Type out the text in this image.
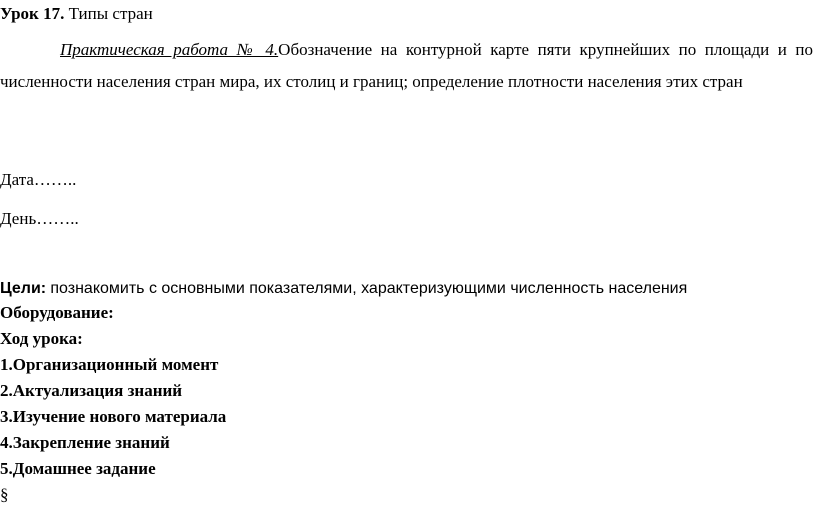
Урок 17. Типы стран
Практическая работа № 4.Обозначение на контурной карте пяти крупнейших по площади и по численности населения стран мира, их столиц и границ; определение плотности населения этих стран
Дата……..
День……..
Цели: познакомить с основными показателями, характеризующими численность населения
Оборудование:
Ход урока:
1.Организационный момент
2.Актуализация знаний
3.Изучение нового материала
4.Закрепление знаний
5.Домашнее задание
§
